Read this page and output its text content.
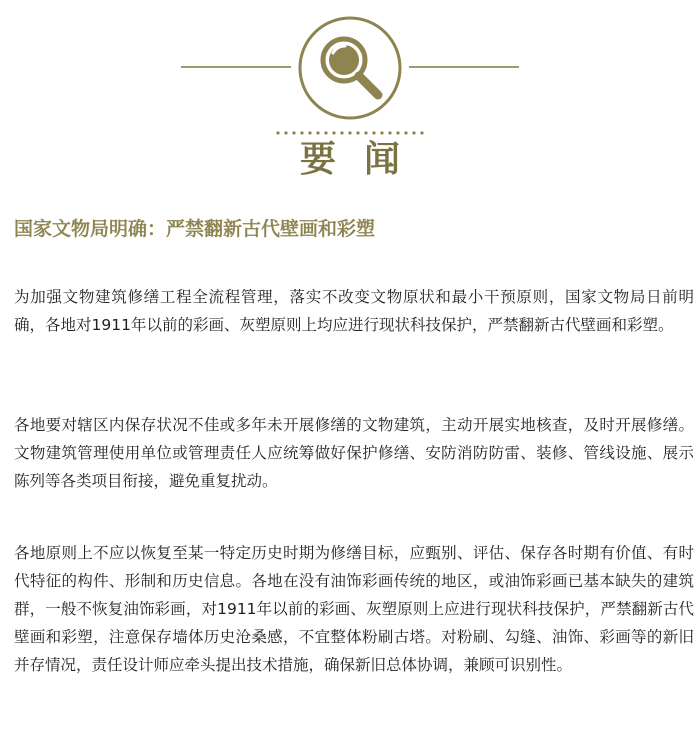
要闻
国家文物局明确：严禁翻新古代壁画和彩塑

为加强文物建筑修缮工程全流程管理，落实不改变文物原状和最小干预原则，国家文物局日前明确，各地对1911年以前的彩画、灰塑原则上均应进行现状科技保护，严禁翻新古代壁画和彩塑。

各地要对辖区内保存状况不佳或多年未开展修缮的文物建筑，主动开展实地核查，及时开展修缮。文物建筑管理使用单位或管理责任人应统筹做好保护修缮、安防消防防雷、装修、管线设施、展示陈列等各类项目衔接，避免重复扰动。

各地原则上不应以恢复至某一特定历史时期为修缮目标，应甄别、评估、保存各时期有价值、有时代特征的构件、形制和历史信息。各地在没有油饰彩画传统的地区，或油饰彩画已基本缺失的建筑群，一般不恢复油饰彩画，对1911年以前的彩画、灰塑原则上应进行现状科技保护，严禁翻新古代壁画和彩塑，注意保存墙体历史沧桑感，不宜整体粉刷古塔。对粉刷、勾缝、油饰、彩画等的新旧并存情况，责任设计师应牵头提出技术措施，确保新旧总体协调，兼顾可识别性。
